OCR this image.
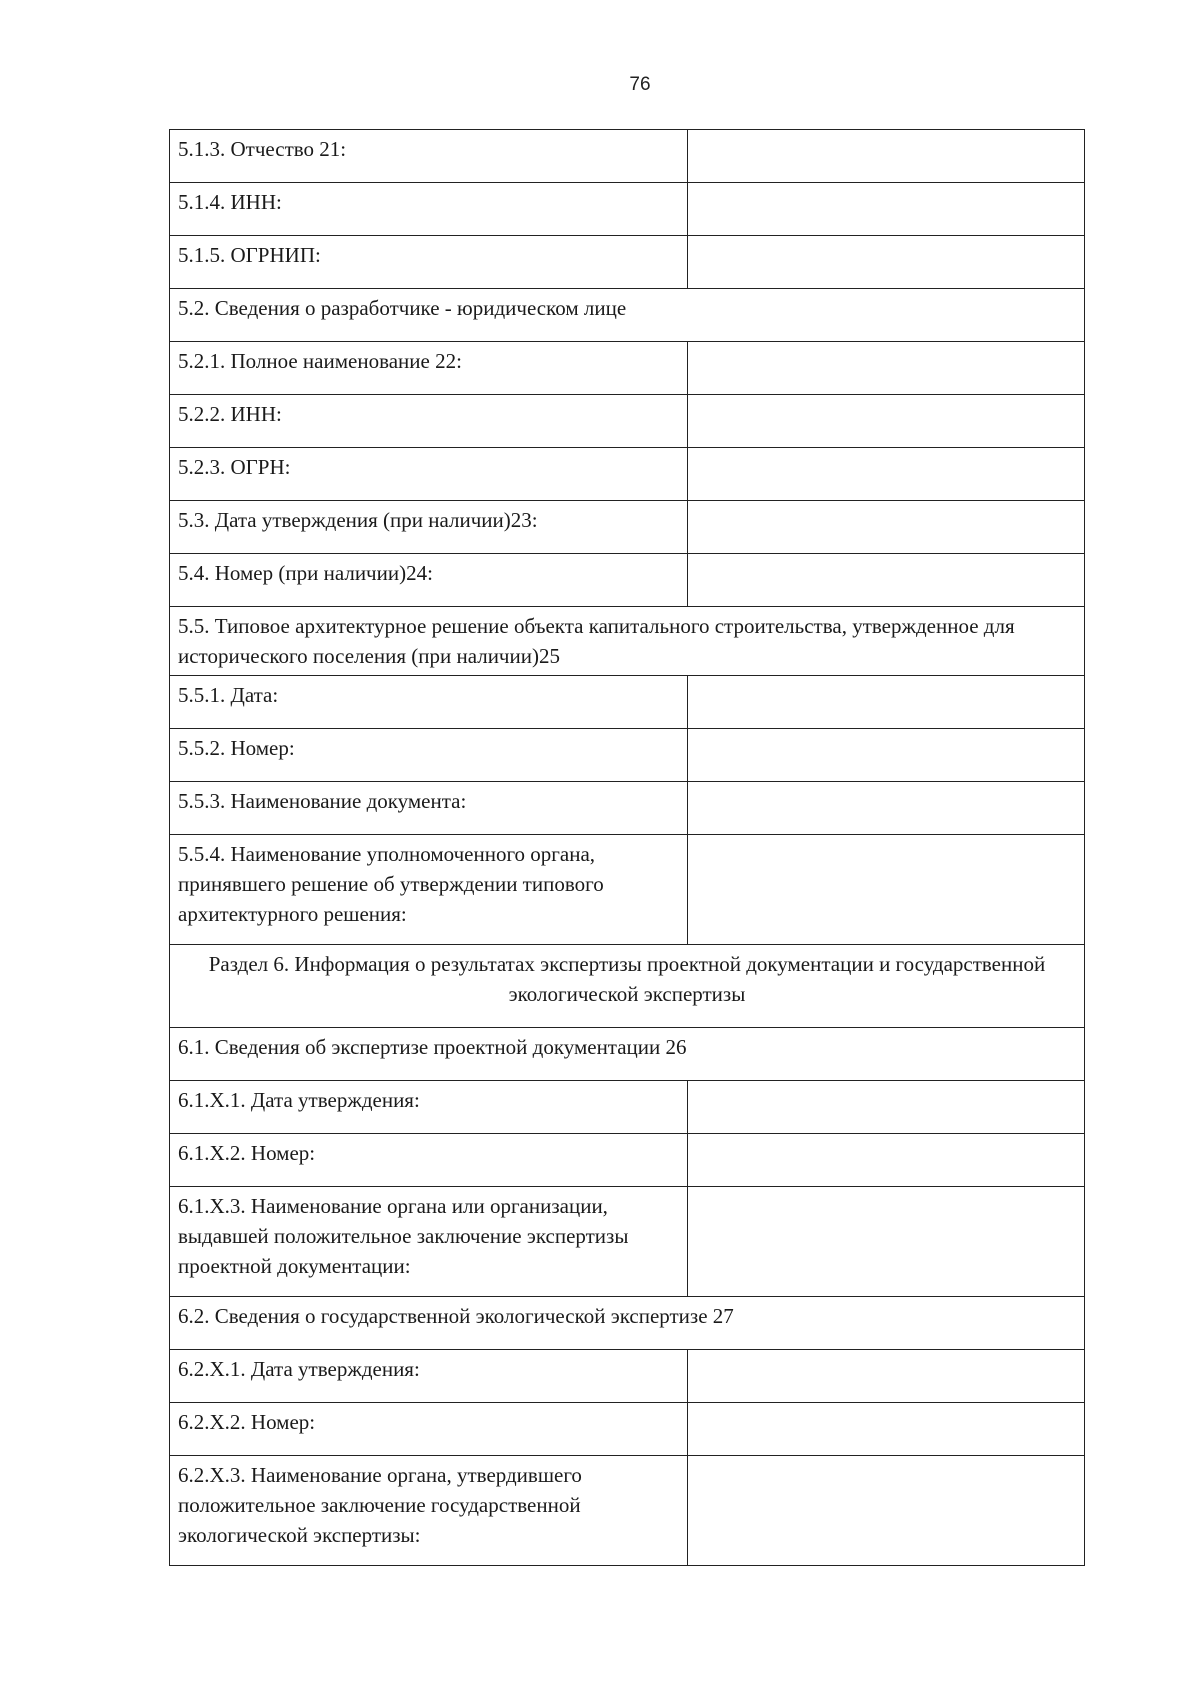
76
5.1.3. Отчество 21:	

5.1.4. ИНН:	

5.1.5. ОГРНИП:	

5.2. Сведения о разработчике - юридическом лице	
5.2.1. Полное наименование 22:	

5.2.2. ИНН:	

5.2.3. ОГРН:	

5.3. Дата утверждения (при наличии)23:	

5.4. Номер (при наличии)24:	

5.5. Типовое архитектурное решение объекта капитального строительства, утвержденное для исторического поселения (при наличии)25	
5.5.1. Дата:	

5.5.2. Номер:	

5.5.3. Наименование документа:	

5.5.4. Наименование уполномоченного органа, принявшего решение об утверждении типового архитектурного решения:	

Раздел 6. Информация о результатах экспертизы проектной документации и государственной экологической экспертизы	
6.1. Сведения об экспертизе проектной документации 26	
6.1.X.1. Дата утверждения:	

6.1.X.2. Номер:	

6.1.X.3. Наименование органа или организации, выдавшей положительное заключение экспертизы проектной документации:	

6.2. Сведения о государственной экологической экспертизе 27	
6.2.X.1. Дата утверждения:	

6.2.X.2. Номер:	

6.2.X.3. Наименование органа, утвердившего положительное заключение государственной экологической экспертизы:	
